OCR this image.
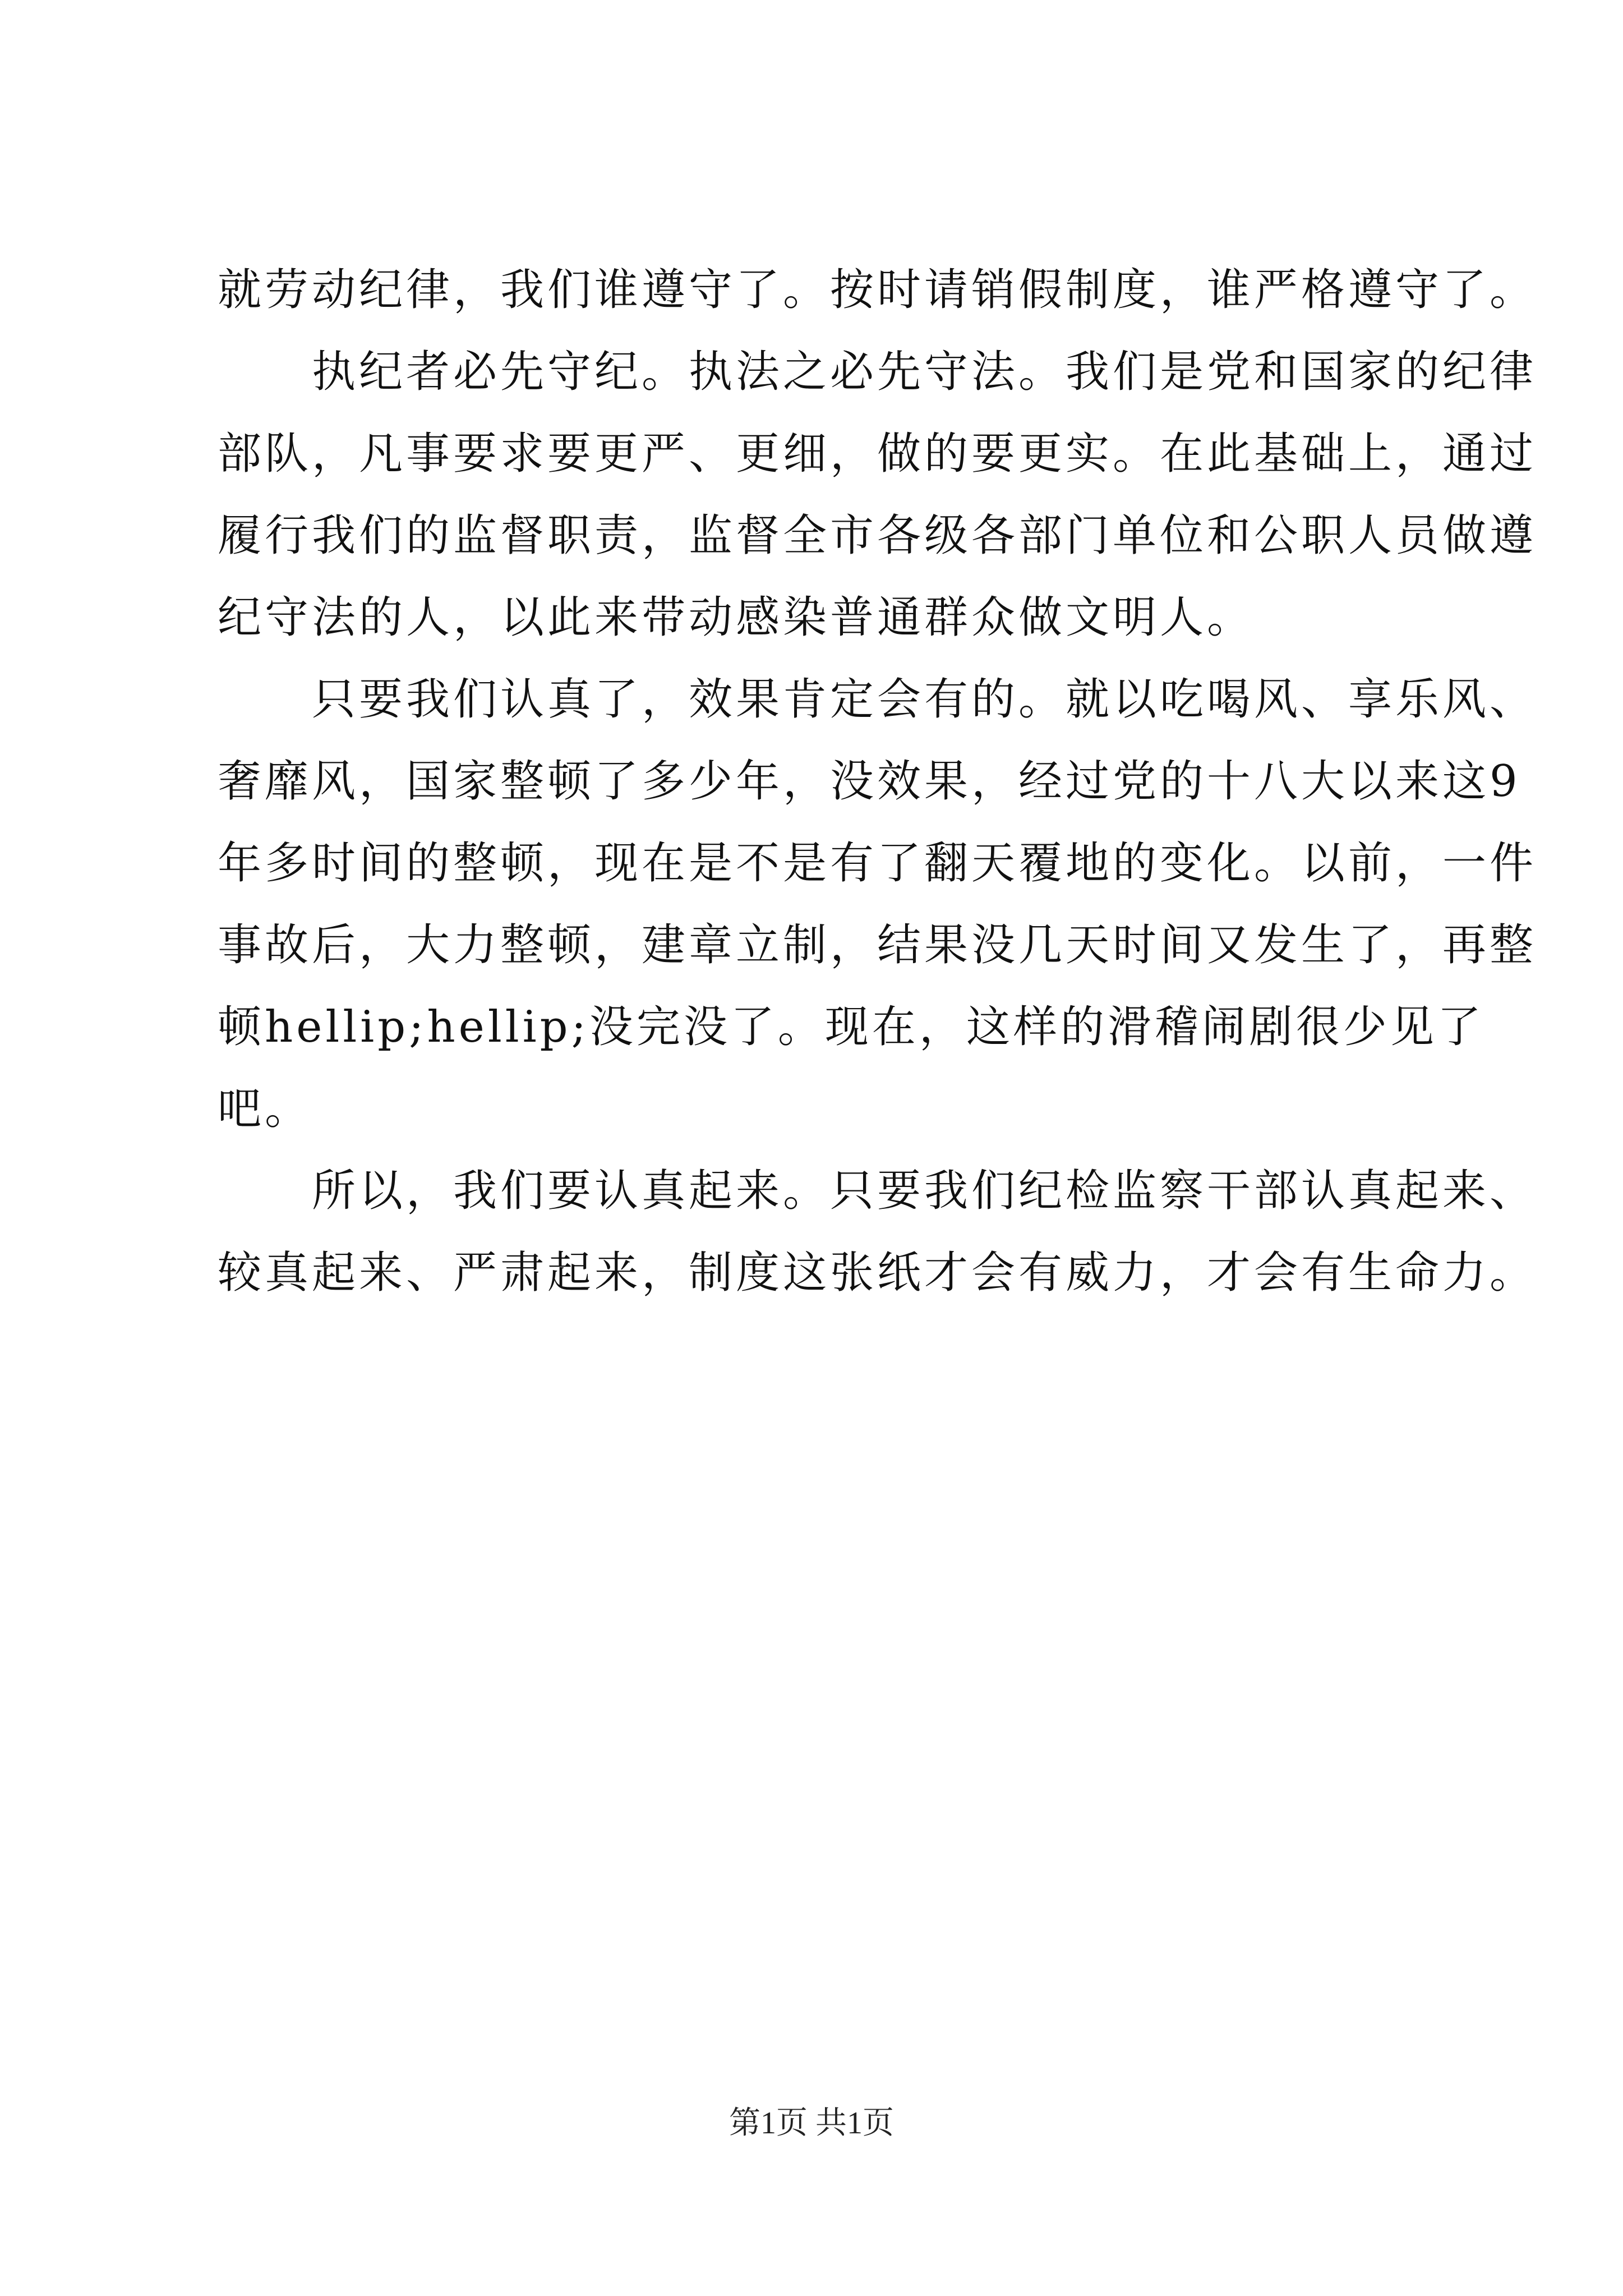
就劳动纪律，我们谁遵守了。按时请销假制度，谁严格遵守了。
　　执纪者必先守纪。执法之必先守法。我们是党和国家的纪律
部队，凡事要求要更严、更细，做的要更实。在此基础上，通过
履行我们的监督职责，监督全市各级各部门单位和公职人员做遵
纪守法的人，以此来带动感染普通群众做文明人。
　　只要我们认真了，效果肯定会有的。就以吃喝风、享乐风、
奢靡风，国家整顿了多少年，没效果，经过党的十八大以来这9
年多时间的整顿，现在是不是有了翻天覆地的变化。以前，一件
事故后，大力整顿，建章立制，结果没几天时间又发生了，再整
顿hellip;hellip;没完没了。现在，这样的滑稽闹剧很少见了
吧。
　　所以，我们要认真起来。只要我们纪检监察干部认真起来、
较真起来、严肃起来，制度这张纸才会有威力，才会有生命力。
第1页 共1页
